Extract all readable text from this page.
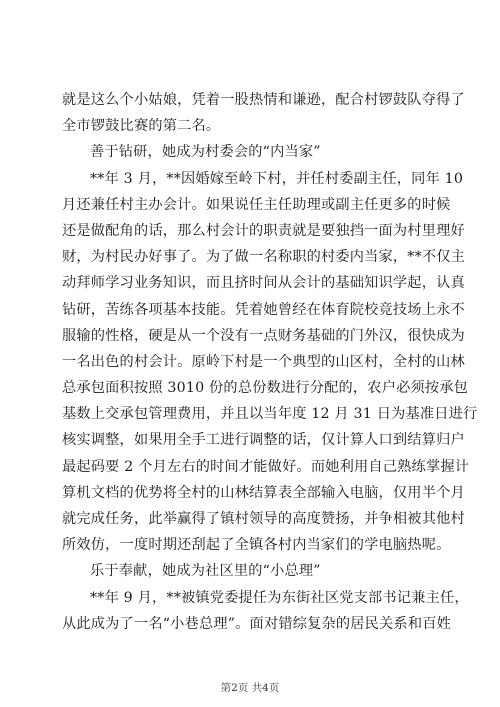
就是这么个小姑娘，凭着一股热情和谦逊，配合村锣鼓队夺得了
全市锣鼓比赛的第二名。
善于钻研，她成为村委会的“内当家”
**年 3 月，**因婚嫁至岭下村，并任村委副主任，同年 10
月还兼任村主办会计。如果说任主任助理或副主任更多的时候
还是做配角的话，那么村会计的职责就是要独挡一面为村里理好
财，为村民办好事了。为了做一名称职的村委内当家，**不仅主
动拜师学习业务知识，而且挤时间从会计的基础知识学起，认真
钻研，苦练各项基本技能。凭着她曾经在体育院校竞技场上永不
服输的性格，硬是从一个没有一点财务基础的门外汉，很快成为
一名出色的村会计。原岭下村是一个典型的山区村，全村的山林
总承包面积按照 3010 份的总份数进行分配的，农户必须按承包
基数上交承包管理费用，并且以当年度 12 月 31 日为基准日进行
核实调整，如果用全手工进行调整的话，仅计算人口到结算归户
最起码要 2 个月左右的时间才能做好。而她利用自己熟练掌握计
算机文档的优势将全村的山林结算表全部输入电脑，仅用半个月
就完成任务，此举赢得了镇村领导的高度赞扬，并争相被其他村
所效仿，一度时期还刮起了全镇各村内当家们的学电脑热呢。
乐于奉献，她成为社区里的“小总理”
**年 9 月，**被镇党委提任为东街社区党支部书记兼主任，
从此成为了一名“小巷总理”。面对错综复杂的居民关系和百姓
第2页 共4页
